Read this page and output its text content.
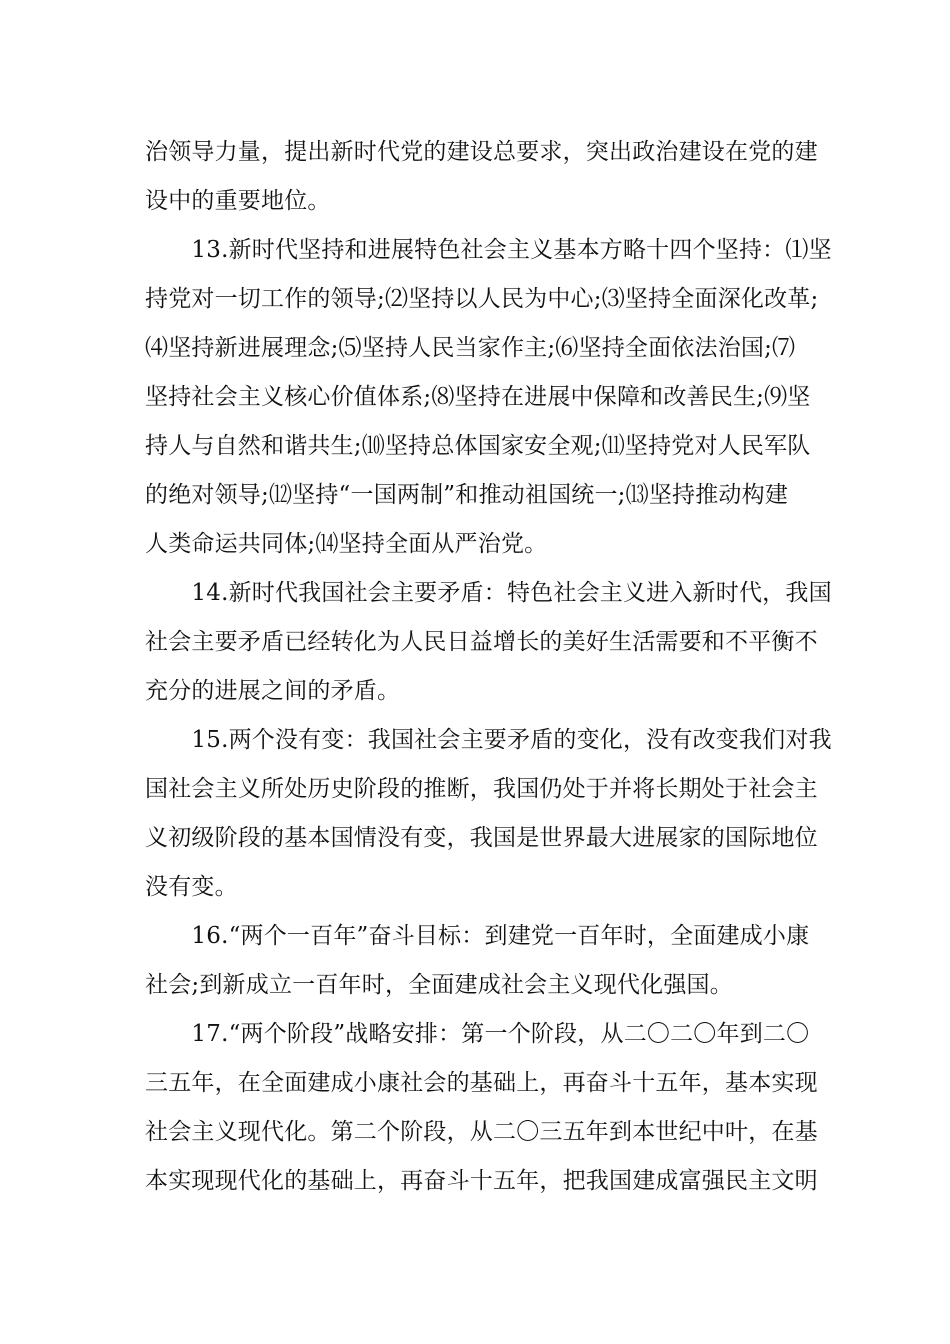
治领导力量，提出新时代党的建设总要求，突出政治建设在党的建
设中的重要地位。
　　13.新时代坚持和进展特色社会主义基本方略十四个坚持：⑴坚
持党对一切工作的领导;⑵坚持以人民为中心;⑶坚持全面深化改革;
⑷坚持新进展理念;⑸坚持人民当家作主;⑹坚持全面依法治国;⑺
坚持社会主义核心价值体系;⑻坚持在进展中保障和改善民生;⑼坚
持人与自然和谐共生;⑽坚持总体国家安全观;⑾坚持党对人民军队
的绝对领导;⑿坚持“一国两制”和推动祖国统一;⒀坚持推动构建
人类命运共同体;⒁坚持全面从严治党。
　　14.新时代我国社会主要矛盾：特色社会主义进入新时代，我国
社会主要矛盾已经转化为人民日益增长的美好生活需要和不平衡不
充分的进展之间的矛盾。
　　15.两个没有变：我国社会主要矛盾的变化，没有改变我们对我
国社会主义所处历史阶段的推断，我国仍处于并将长期处于社会主
义初级阶段的基本国情没有变，我国是世界最大进展家的国际地位
没有变。
　　16.“两个一百年”奋斗目标：到建党一百年时，全面建成小康
社会;到新成立一百年时，全面建成社会主义现代化强国。
　　17.“两个阶段”战略安排：第一个阶段，从二〇二〇年到二〇
三五年，在全面建成小康社会的基础上，再奋斗十五年，基本实现
社会主义现代化。第二个阶段，从二〇三五年到本世纪中叶，在基
本实现现代化的基础上，再奋斗十五年，把我国建成富强民主文明
